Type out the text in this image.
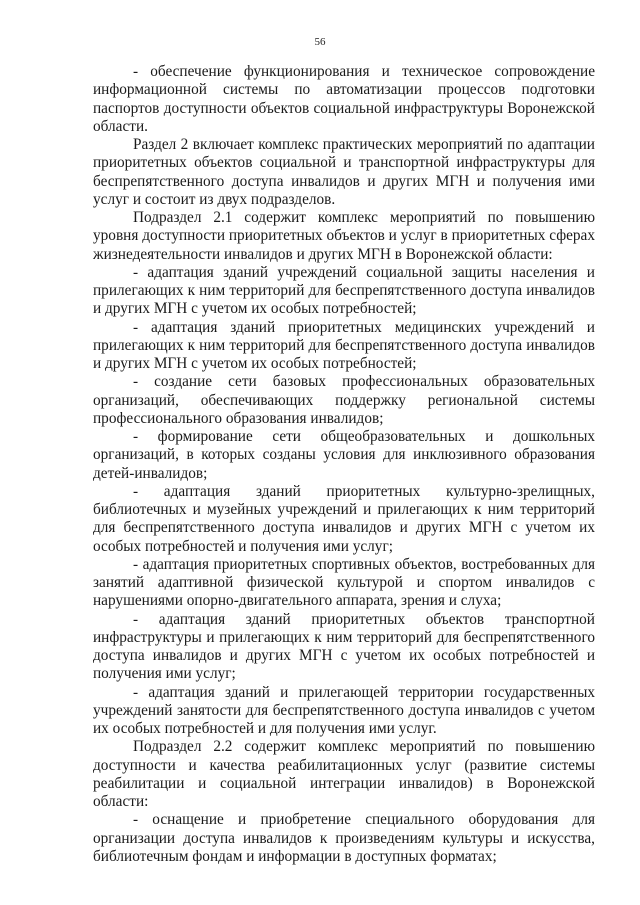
56

- обеспечение функционирования и техническое сопровождение информационной системы по автоматизации процессов подготовки паспортов доступности объектов социальной инфраструктуры Воронежской области.

Раздел 2 включает комплекс практических мероприятий по адаптации приоритетных объектов социальной и транспортной инфраструктуры для беспрепятственного доступа инвалидов и других МГН и получения ими услуг и состоит из двух подразделов.

Подраздел 2.1 содержит комплекс мероприятий по повышению уровня доступности приоритетных объектов и услуг в приоритетных сферах жизнедеятельности инвалидов и других МГН в Воронежской области:

- адаптация зданий учреждений социальной защиты населения и прилегающих к ним территорий для беспрепятственного доступа инвалидов и других МГН с учетом их особых потребностей;

- адаптация зданий приоритетных медицинских учреждений и прилегающих к ним территорий для беспрепятственного доступа инвалидов и других МГН с учетом их особых потребностей;

- создание сети базовых профессиональных образовательных организаций, обеспечивающих поддержку региональной системы профессионального образования инвалидов;

- формирование сети общеобразовательных и дошкольных организаций, в которых созданы условия для инклюзивного образования детей-инвалидов;

- адаптация зданий приоритетных культурно-зрелищных, библиотечных и музейных учреждений и прилегающих к ним территорий для беспрепятственного доступа инвалидов и других МГН с учетом их особых потребностей и получения ими услуг;

- адаптация приоритетных спортивных объектов, востребованных для занятий адаптивной физической культурой и спортом инвалидов с нарушениями опорно-двигательного аппарата, зрения и слуха;

- адаптация зданий приоритетных объектов транспортной инфраструктуры и прилегающих к ним территорий для беспрепятственного доступа инвалидов и других МГН с учетом их особых потребностей и получения ими услуг;

- адаптация зданий и прилегающей территории государственных учреждений занятости для беспрепятственного доступа инвалидов с учетом их особых потребностей и для получения ими услуг.

Подраздел 2.2 содержит комплекс мероприятий по повышению доступности и качества реабилитационных услуг (развитие системы реабилитации и социальной интеграции инвалидов) в Воронежской области:

- оснащение и приобретение специального оборудования для организации доступа инвалидов к произведениям культуры и искусства, библиотечным фондам и информации в доступных форматах;
